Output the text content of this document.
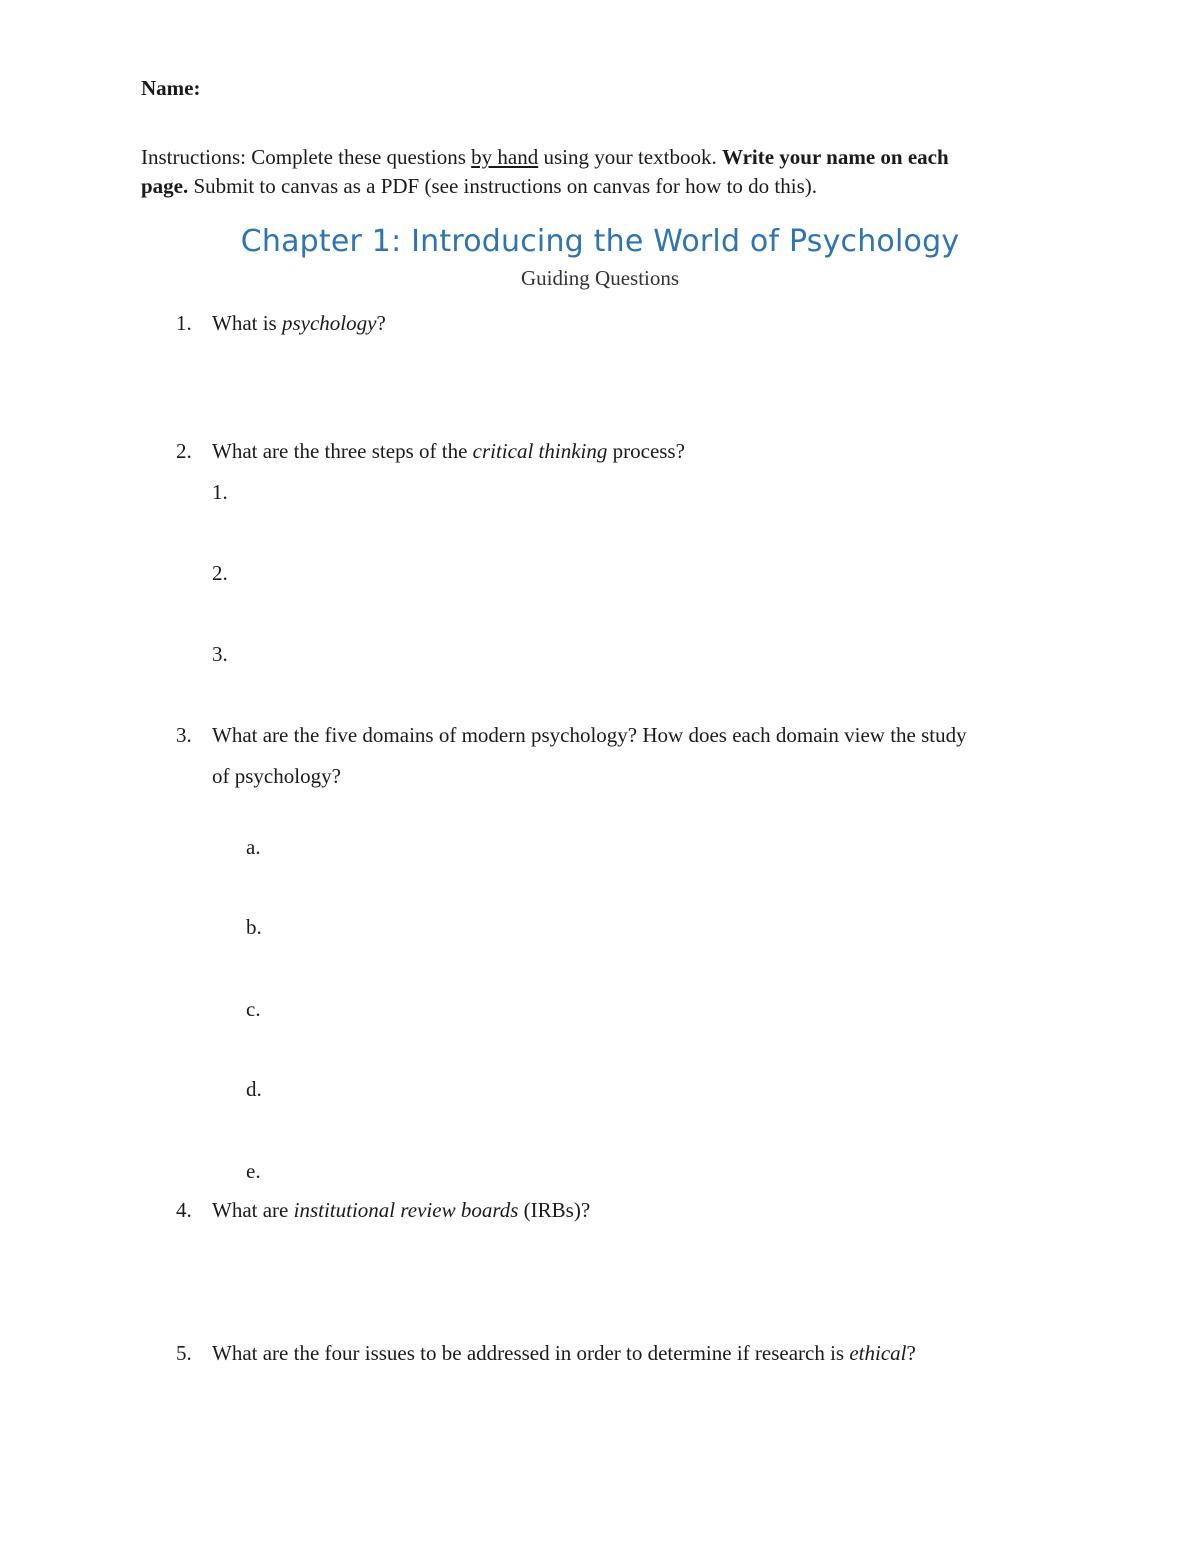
Name:
Instructions: Complete these questions by hand using your textbook. Write your name on each
page. Submit to canvas as a PDF (see instructions on canvas for how to do this).
Chapter 1: Introducing the World of Psychology
Guiding Questions
1. What is psychology?
2. What are the three steps of the critical thinking process?
1.
2.
3.
3. What are the five domains of modern psychology? How does each domain view the study
of psychology?
a.
b.
c.
d.
e.
4. What are institutional review boards (IRBs)?
5. What are the four issues to be addressed in order to determine if research is ethical?
